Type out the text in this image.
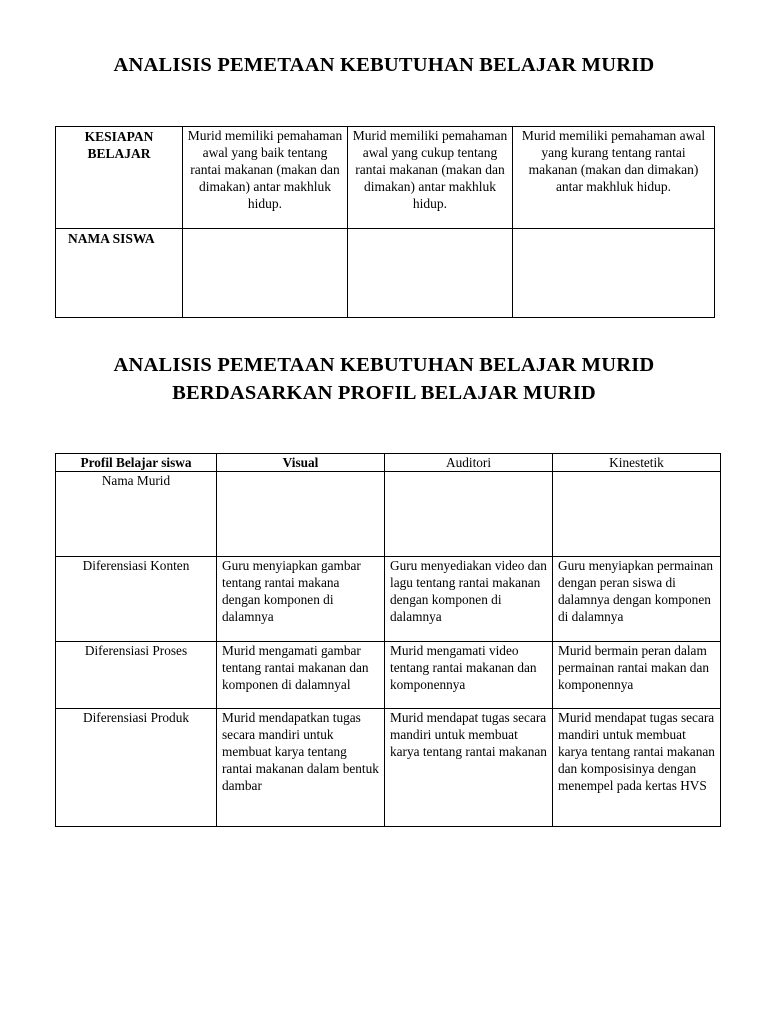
ANALISIS PEMETAAN KEBUTUHAN BELAJAR MURID
KESIAPAN BELAJAR	Murid memiliki pemahaman awal yang baik tentang rantai makanan (makan dan dimakan) antar makhluk hidup.	Murid memiliki pemahaman awal yang cukup tentang rantai makanan (makan dan dimakan) antar makhluk hidup.	Murid memiliki pemahaman awal yang kurang tentang rantai makanan (makan dan dimakan) antar makhluk hidup.
NAMA SISWA			
ANALISIS PEMETAAN KEBUTUHAN BELAJAR MURID
BERDASARKAN PROFIL BELAJAR MURID
Profil Belajar siswa	Visual	Auditori	Kinestetik
Nama Murid			
Diferensiasi Konten	Guru menyiapkan gambar tentang rantai makana dengan komponen di dalamnya	Guru menyediakan video dan lagu tentang rantai makanan dengan komponen di dalamnya	Guru menyiapkan permainan dengan peran siswa di dalamnya dengan komponen di dalamnya
Diferensiasi Proses	Murid mengamati gambar tentang rantai makanan dan komponen di dalamnyal	Murid mengamati video tentang rantai makanan dan komponennya	Murid bermain peran dalam permainan rantai makan dan komponennya
Diferensiasi Produk	Murid mendapatkan tugas secara mandiri untuk membuat karya tentang rantai makanan dalam bentuk dambar	Murid mendapat tugas secara mandiri untuk membuat karya tentang rantai makanan	Murid mendapat tugas secara mandiri untuk membuat karya tentang rantai makanan dan komposisinya dengan menempel pada kertas HVS
